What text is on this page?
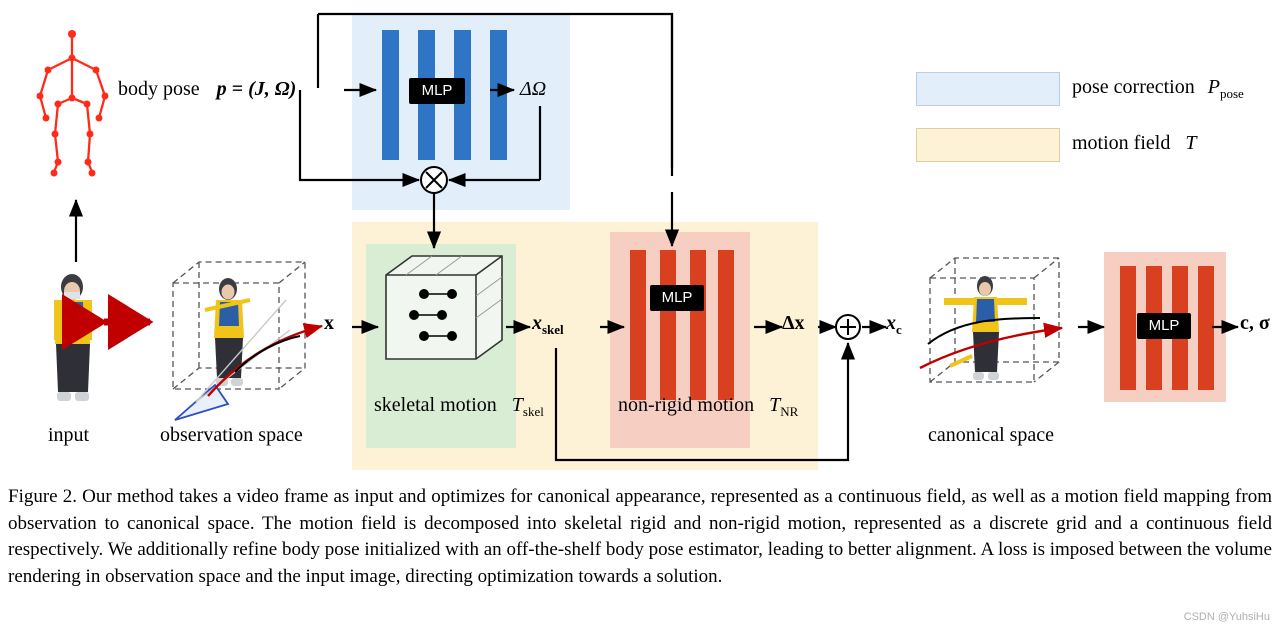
MLP
MLP
MLP
body pose p = (J, Ω)	ΔΩ
x	$x_{skel}$	Δx	$x_c$	c, σ
input	observation space
skeletal motion $T_{skel}$	non-rigid motion $T_{NR}$
canonical space
pose correction $P_{pose}$
motion field T
Figure 2. Our method takes a video frame as input and optimizes for canonical appearance, represented as a continuous field, as well as a motion field mapping from observation to canonical space. The motion field is decomposed into skeletal rigid and non-rigid motion, represented as a discrete grid and a continuous field respectively. We additionally refine body pose initialized with an off-the-shelf body pose estimator, leading to better alignment. A loss is imposed between the volume rendering in observation space and the input image, directing optimization towards a solution.
CSDN @YuhsiHu
